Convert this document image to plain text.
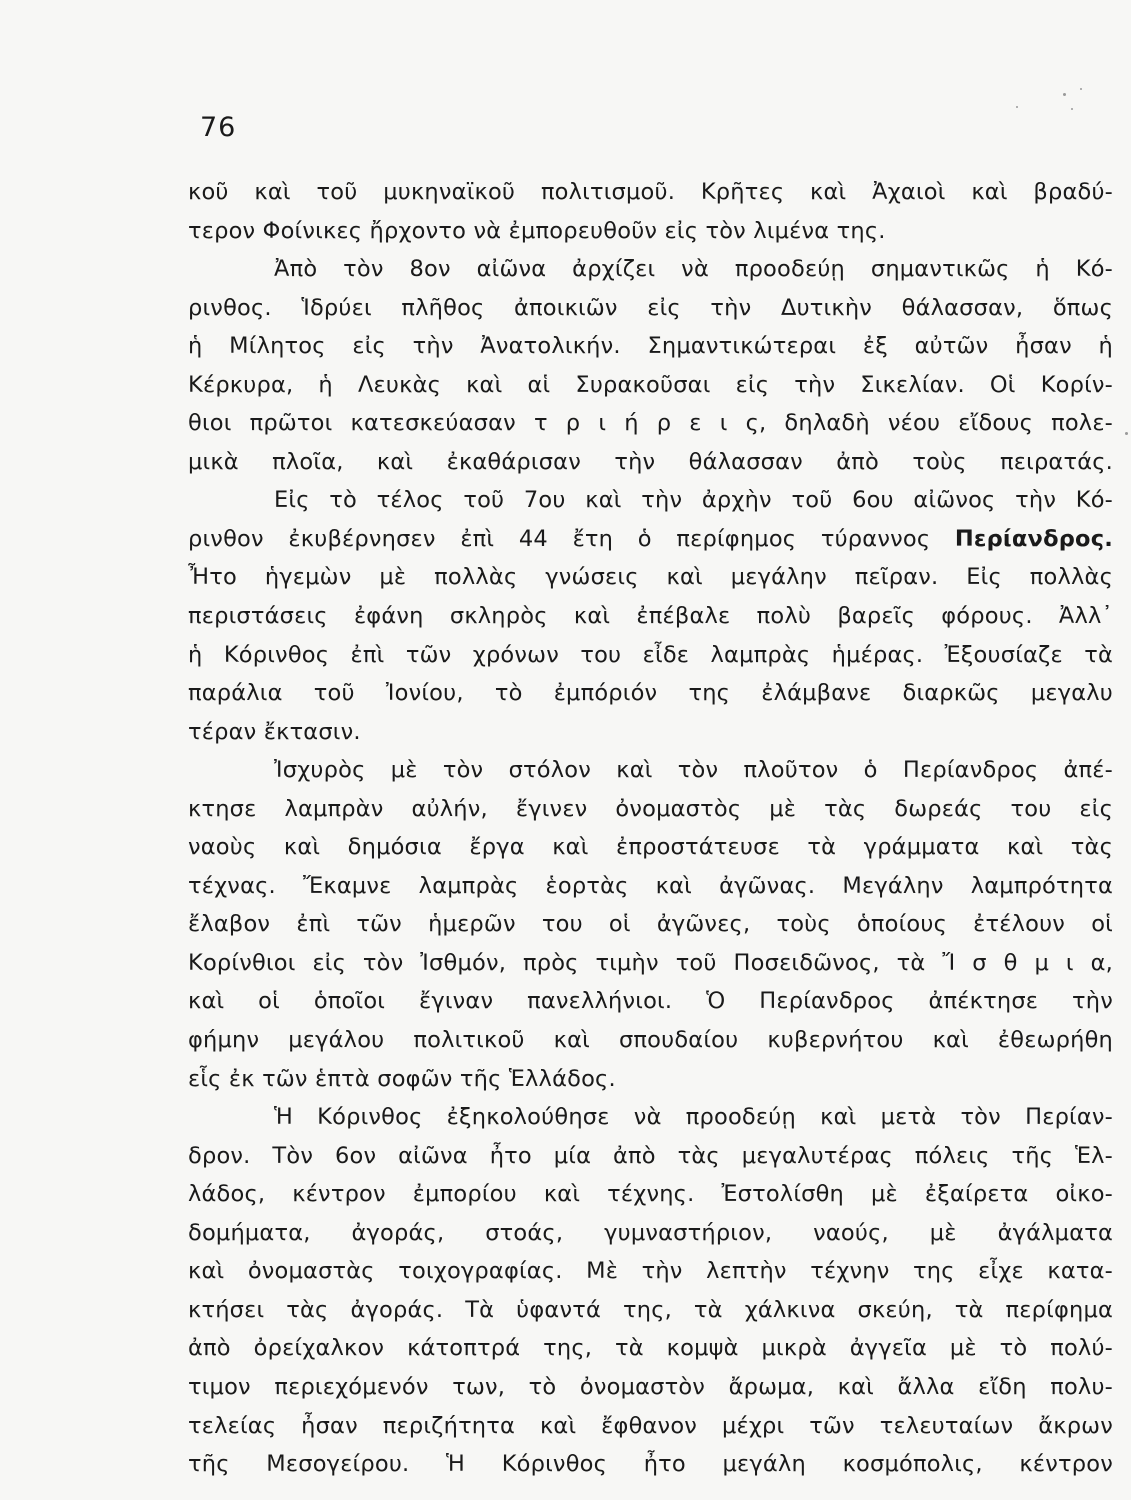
76
κοῦ καὶ τοῦ μυκηναϊκοῦ πολιτισμοῦ. Κρῆτες καὶ Ἀχαιοὶ καὶ βραδύ-
τερον Φοίνικες ἤρχοντο νὰ ἐμπορευθοῦν εἰς τὸν λιμένα της.
Ἀπὸ τὸν 8ον αἰῶνα ἀρχίζει νὰ προοδεύῃ σημαντικῶς ἡ Κό-
ρινθος. Ἱδρύει πλῆθος ἀποικιῶν εἰς τὴν Δυτικὴν θάλασσαν, ὅπως
ἡ Μίλητος εἰς τὴν Ἀνατολικήν. Σημαντικώτεραι ἐξ αὐτῶν ἦσαν ἡ
Κέρκυρα, ἡ Λευκὰς καὶ αἱ Συρακοῦσαι εἰς τὴν Σικελίαν. Οἱ Κορίν-
θιοι πρῶτοι κατεσκεύασαν τ ρ ι ή ρ ε ι ς, δηλαδὴ νέου εἴδους πολε-
μικὰ πλοῖα, καὶ ἐκαθάρισαν τὴν θάλασσαν ἀπὸ τοὺς πειρατάς.
Εἰς τὸ τέλος τοῦ 7ου καὶ τὴν ἀρχὴν τοῦ 6ου αἰῶνος τὴν Κό-
ρινθον ἐκυβέρνησεν ἐπὶ 44 ἔτη ὁ περίφημος τύραννος Περίανδρος.
Ἦτο ἡγεμὼν μὲ πολλὰς γνώσεις καὶ μεγάλην πεῖραν. Εἰς πολλὰς
περιστάσεις ἐφάνη σκληρὸς καὶ ἐπέβαλε πολὺ βαρεῖς φόρους. Ἀλλ᾽
ἡ Κόρινθος ἐπὶ τῶν χρόνων του εἶδε λαμπρὰς ἡμέρας. Ἐξουσίαζε τὰ
παράλια τοῦ Ἰονίου, τὸ ἐμπόριόν της ἐλάμβανε διαρκῶς μεγαλυ
τέραν ἔκτασιν.
Ἰσχυρὸς μὲ τὸν στόλον καὶ τὸν πλοῦτον ὁ Περίανδρος ἀπέ-
κτησε λαμπρὰν αὐλήν, ἔγινεν ὀνομαστὸς μὲ τὰς δωρεάς του εἰς
ναοὺς καὶ δημόσια ἔργα καὶ ἐπροστάτευσε τὰ γράμματα καὶ τὰς
τέχνας. Ἔκαμνε λαμπρὰς ἑορτὰς καὶ ἀγῶνας. Μεγάλην λαμπρότητα
ἔλαβον ἐπὶ τῶν ἡμερῶν του οἱ ἀγῶνες, τοὺς ὁποίους ἐτέλουν οἱ
Κορίνθιοι εἰς τὸν Ἰσθμόν, πρὸς τιμὴν τοῦ Ποσειδῶνος, τὰ Ἴ σ θ μ ι α,
καὶ οἱ ὁποῖοι ἔγιναν πανελλήνιοι. Ὁ Περίανδρος ἀπέκτησε τὴν
φήμην μεγάλου πολιτικοῦ καὶ σπουδαίου κυβερνήτου καὶ ἐθεωρήθη
εἷς ἐκ τῶν ἑπτὰ σοφῶν τῆς Ἑλλάδος.
Ἡ Κόρινθος ἐξηκολούθησε νὰ προοδεύῃ καὶ μετὰ τὸν Περίαν-
δρον. Τὸν 6ον αἰῶνα ἦτο μία ἀπὸ τὰς μεγαλυτέρας πόλεις τῆς Ἑλ-
λάδος, κέντρον ἐμπορίου καὶ τέχνης. Ἐστολίσθη μὲ ἐξαίρετα οἰκο-
δομήματα, ἀγοράς, στοάς, γυμναστήριον, ναούς, μὲ ἀγάλματα
καὶ ὀνομαστὰς τοιχογραφίας. Μὲ τὴν λεπτὴν τέχνην της εἶχε κατα-
κτήσει τὰς ἀγοράς. Τὰ ὑφαντά της, τὰ χάλκινα σκεύη, τὰ περίφημα
ἀπὸ ὀρείχαλκον κάτοπτρά της, τὰ κομψὰ μικρὰ ἀγγεῖα μὲ τὸ πολύ-
τιμον περιεχόμενόν των, τὸ ὀνομαστὸν ἄρωμα, καὶ ἄλλα εἴδη πολυ-
τελείας ἦσαν περιζήτητα καὶ ἔφθανον μέχρι τῶν τελευταίων ἄκρων
τῆς Μεσογείρου. Ἡ Κόρινθος ἦτο μεγάλη κοσμόπολις, κέντρον
